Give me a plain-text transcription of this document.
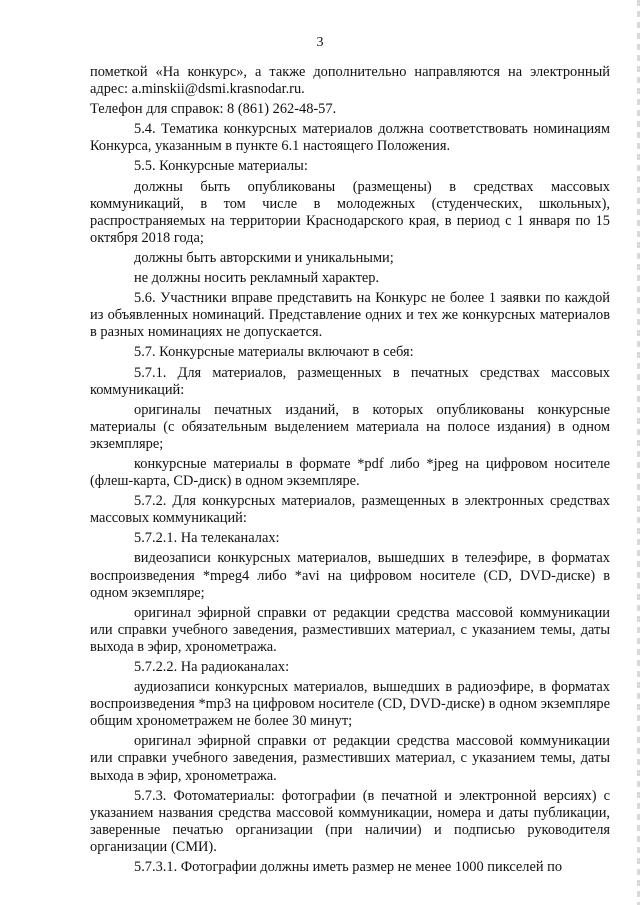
3

пометкой «На конкурс», а также дополнительно направляются на электронный адрес: a.minskii@dsmi.krasnodar.ru.

Телефон для справок: 8 (861) 262-48-57.

5.4. Тематика конкурсных материалов должна соответствовать номинациям Конкурса, указанным в пункте 6.1 настоящего Положения.

5.5. Конкурсные материалы:

должны быть опубликованы (размещены) в средствах массовых коммуникаций, в том числе в молодежных (студенческих, школьных), распространяемых на территории Краснодарского края, в период с 1 января по 15 октября 2018 года;

должны быть авторскими и уникальными;

не должны носить рекламный характер.

5.6. Участники вправе представить на Конкурс не более 1 заявки по каждой из объявленных номинаций. Представление одних и тех же конкурсных материалов в разных номинациях не допускается.

5.7. Конкурсные материалы включают в себя:

5.7.1. Для материалов, размещенных в печатных средствах массовых коммуникаций:

оригиналы печатных изданий, в которых опубликованы конкурсные материалы (с обязательным выделением материала на полосе издания) в одном экземпляре;

конкурсные материалы в формате *pdf либо *jpeg на цифровом носителе (флеш-карта, CD-диск) в одном экземпляре.

5.7.2. Для конкурсных материалов, размещенных в электронных средствах массовых коммуникаций:

5.7.2.1. На телеканалах:

видеозаписи конкурсных материалов, вышедших в телеэфире, в форматах воспроизведения *mpeg4 либо *avi на цифровом носителе (CD, DVD-диске) в одном экземпляре;

оригинал эфирной справки от редакции средства массовой коммуникации или справки учебного заведения, разместивших материал, с указанием темы, даты выхода в эфир, хронометража.

5.7.2.2. На радиоканалах:

аудиозаписи конкурсных материалов, вышедших в радиоэфире, в форматах воспроизведения *mp3 на цифровом носителе (CD, DVD-диске) в одном экземпляре общим хронометражем не более 30 минут;

оригинал эфирной справки от редакции средства массовой коммуникации или справки учебного заведения, разместивших материал, с указанием темы, даты выхода в эфир, хронометража.

5.7.3. Фотоматериалы: фотографии (в печатной и электронной версиях) с указанием названия средства массовой коммуникации, номера и даты публикации, заверенные печатью организации (при наличии) и подписью руководителя организации (СМИ).

5.7.3.1. Фотографии должны иметь размер не менее 1000 пикселей по
